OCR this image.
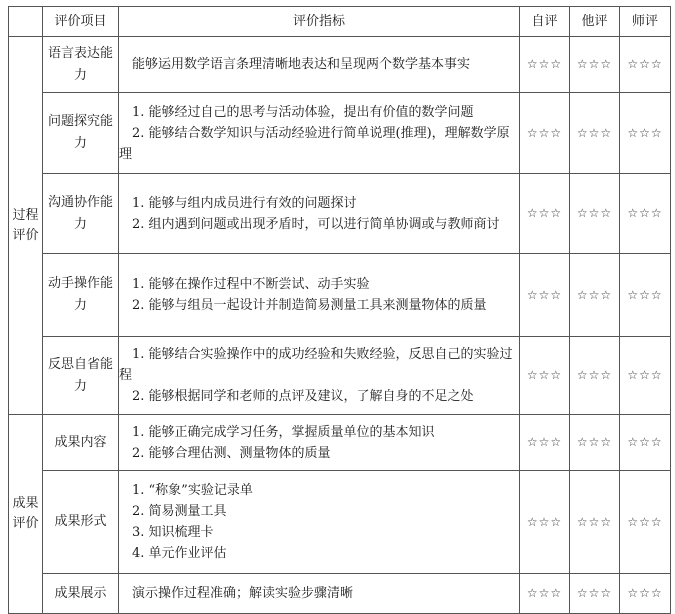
	评价项目	评价指标	自评	他评	师评
过程评价	语言表达能力	能够运用数学语言条理清晰地表达和呈现两个数学基本事实	☆☆☆	☆☆☆	☆☆☆
	问题探究能力	1. 能够经过自己的思考与活动体验，提出有价值的数学问题

2. 能够结合数学知识与活动经验进行简单说理(推理)，理解数学原理	☆☆☆	☆☆☆	☆☆☆
	沟通协作能力	1. 能够与组内成员进行有效的问题探讨

2. 组内遇到问题或出现矛盾时，可以进行简单协调或与教师商讨	☆☆☆	☆☆☆	☆☆☆
	动手操作能力	1. 能够在操作过程中不断尝试、动手实验

2. 能够与组员一起设计并制造简易测量工具来测量物体的质量	☆☆☆	☆☆☆	☆☆☆
	反思自省能力	1. 能够结合实验操作中的成功经验和失败经验，反思自己的实验过程

2. 能够根据同学和老师的点评及建议，了解自身的不足之处	☆☆☆	☆☆☆	☆☆☆
成果评价	成果内容	1. 能够正确完成学习任务，掌握质量单位的基本知识

2. 能够合理估测、测量物体的质量	☆☆☆	☆☆☆	☆☆☆
	成果形式	1. “称象”实验记录单

2. 简易测量工具

3. 知识梳理卡

4. 单元作业评估	☆☆☆	☆☆☆	☆☆☆
	成果展示	演示操作过程准确；解读实验步骤清晰	☆☆☆	☆☆☆	☆☆☆
